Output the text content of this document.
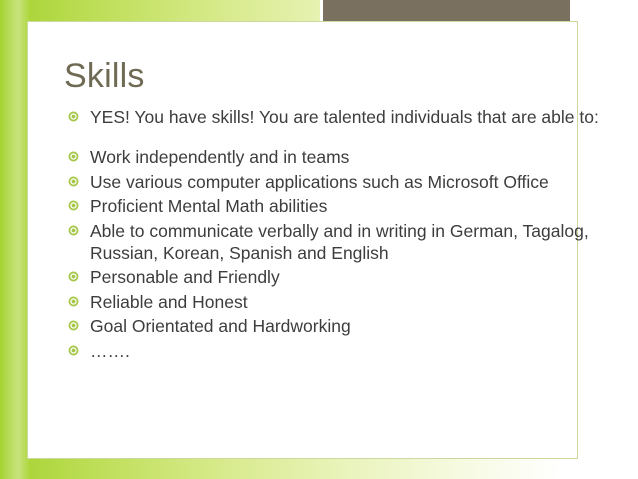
Skills
YES! You have skills! You are talented individuals that are able to:
Work independently and in teams
Use various computer applications such as Microsoft Office
Proficient Mental Math abilities
Able to communicate verbally and in writing in German, Tagalog, Russian, Korean, Spanish and English
Personable and Friendly
Reliable and Honest
Goal Orientated and Hardworking
…….
